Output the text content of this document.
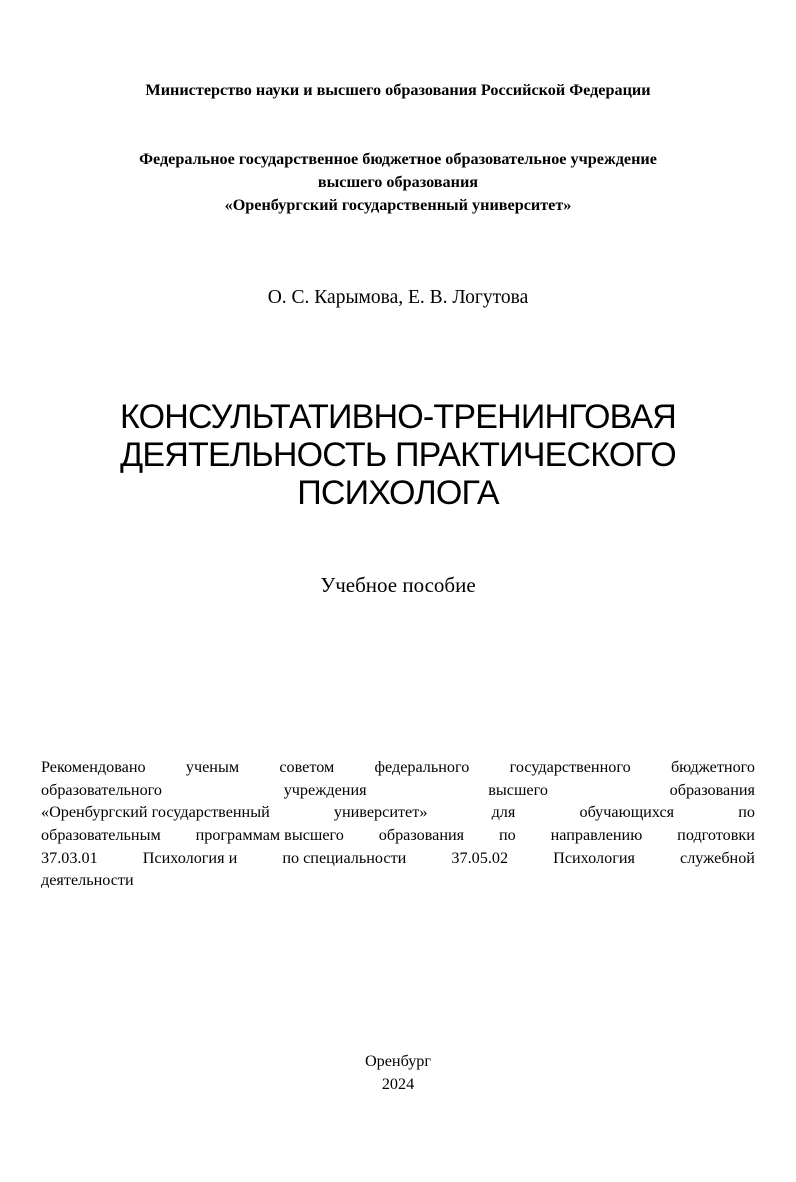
Министерство науки и высшего образования Российской Федерации
Федеральное государственное бюджетное образовательное учреждение
высшего образования
«Оренбургский государственный университет»
О. С. Карымова, Е. В. Логутова
КОНСУЛЬТАТИВНО-ТРЕНИНГОВАЯ
ДЕЯТЕЛЬНОСТЬ ПРАКТИЧЕСКОГО
ПСИХОЛОГА
Учебное пособие
Рекомендовано ученым советом федерального государственного бюджетного
образовательного	учреждения	высшего	образования
«Оренбургский государственный	университет»	для	обучающихся	по
образовательным программам высшего образования по направлению подготовки
37.03.01	Психология и	по специальности	37.05.02	Психология	служебной
деятельности
Оренбург
2024
